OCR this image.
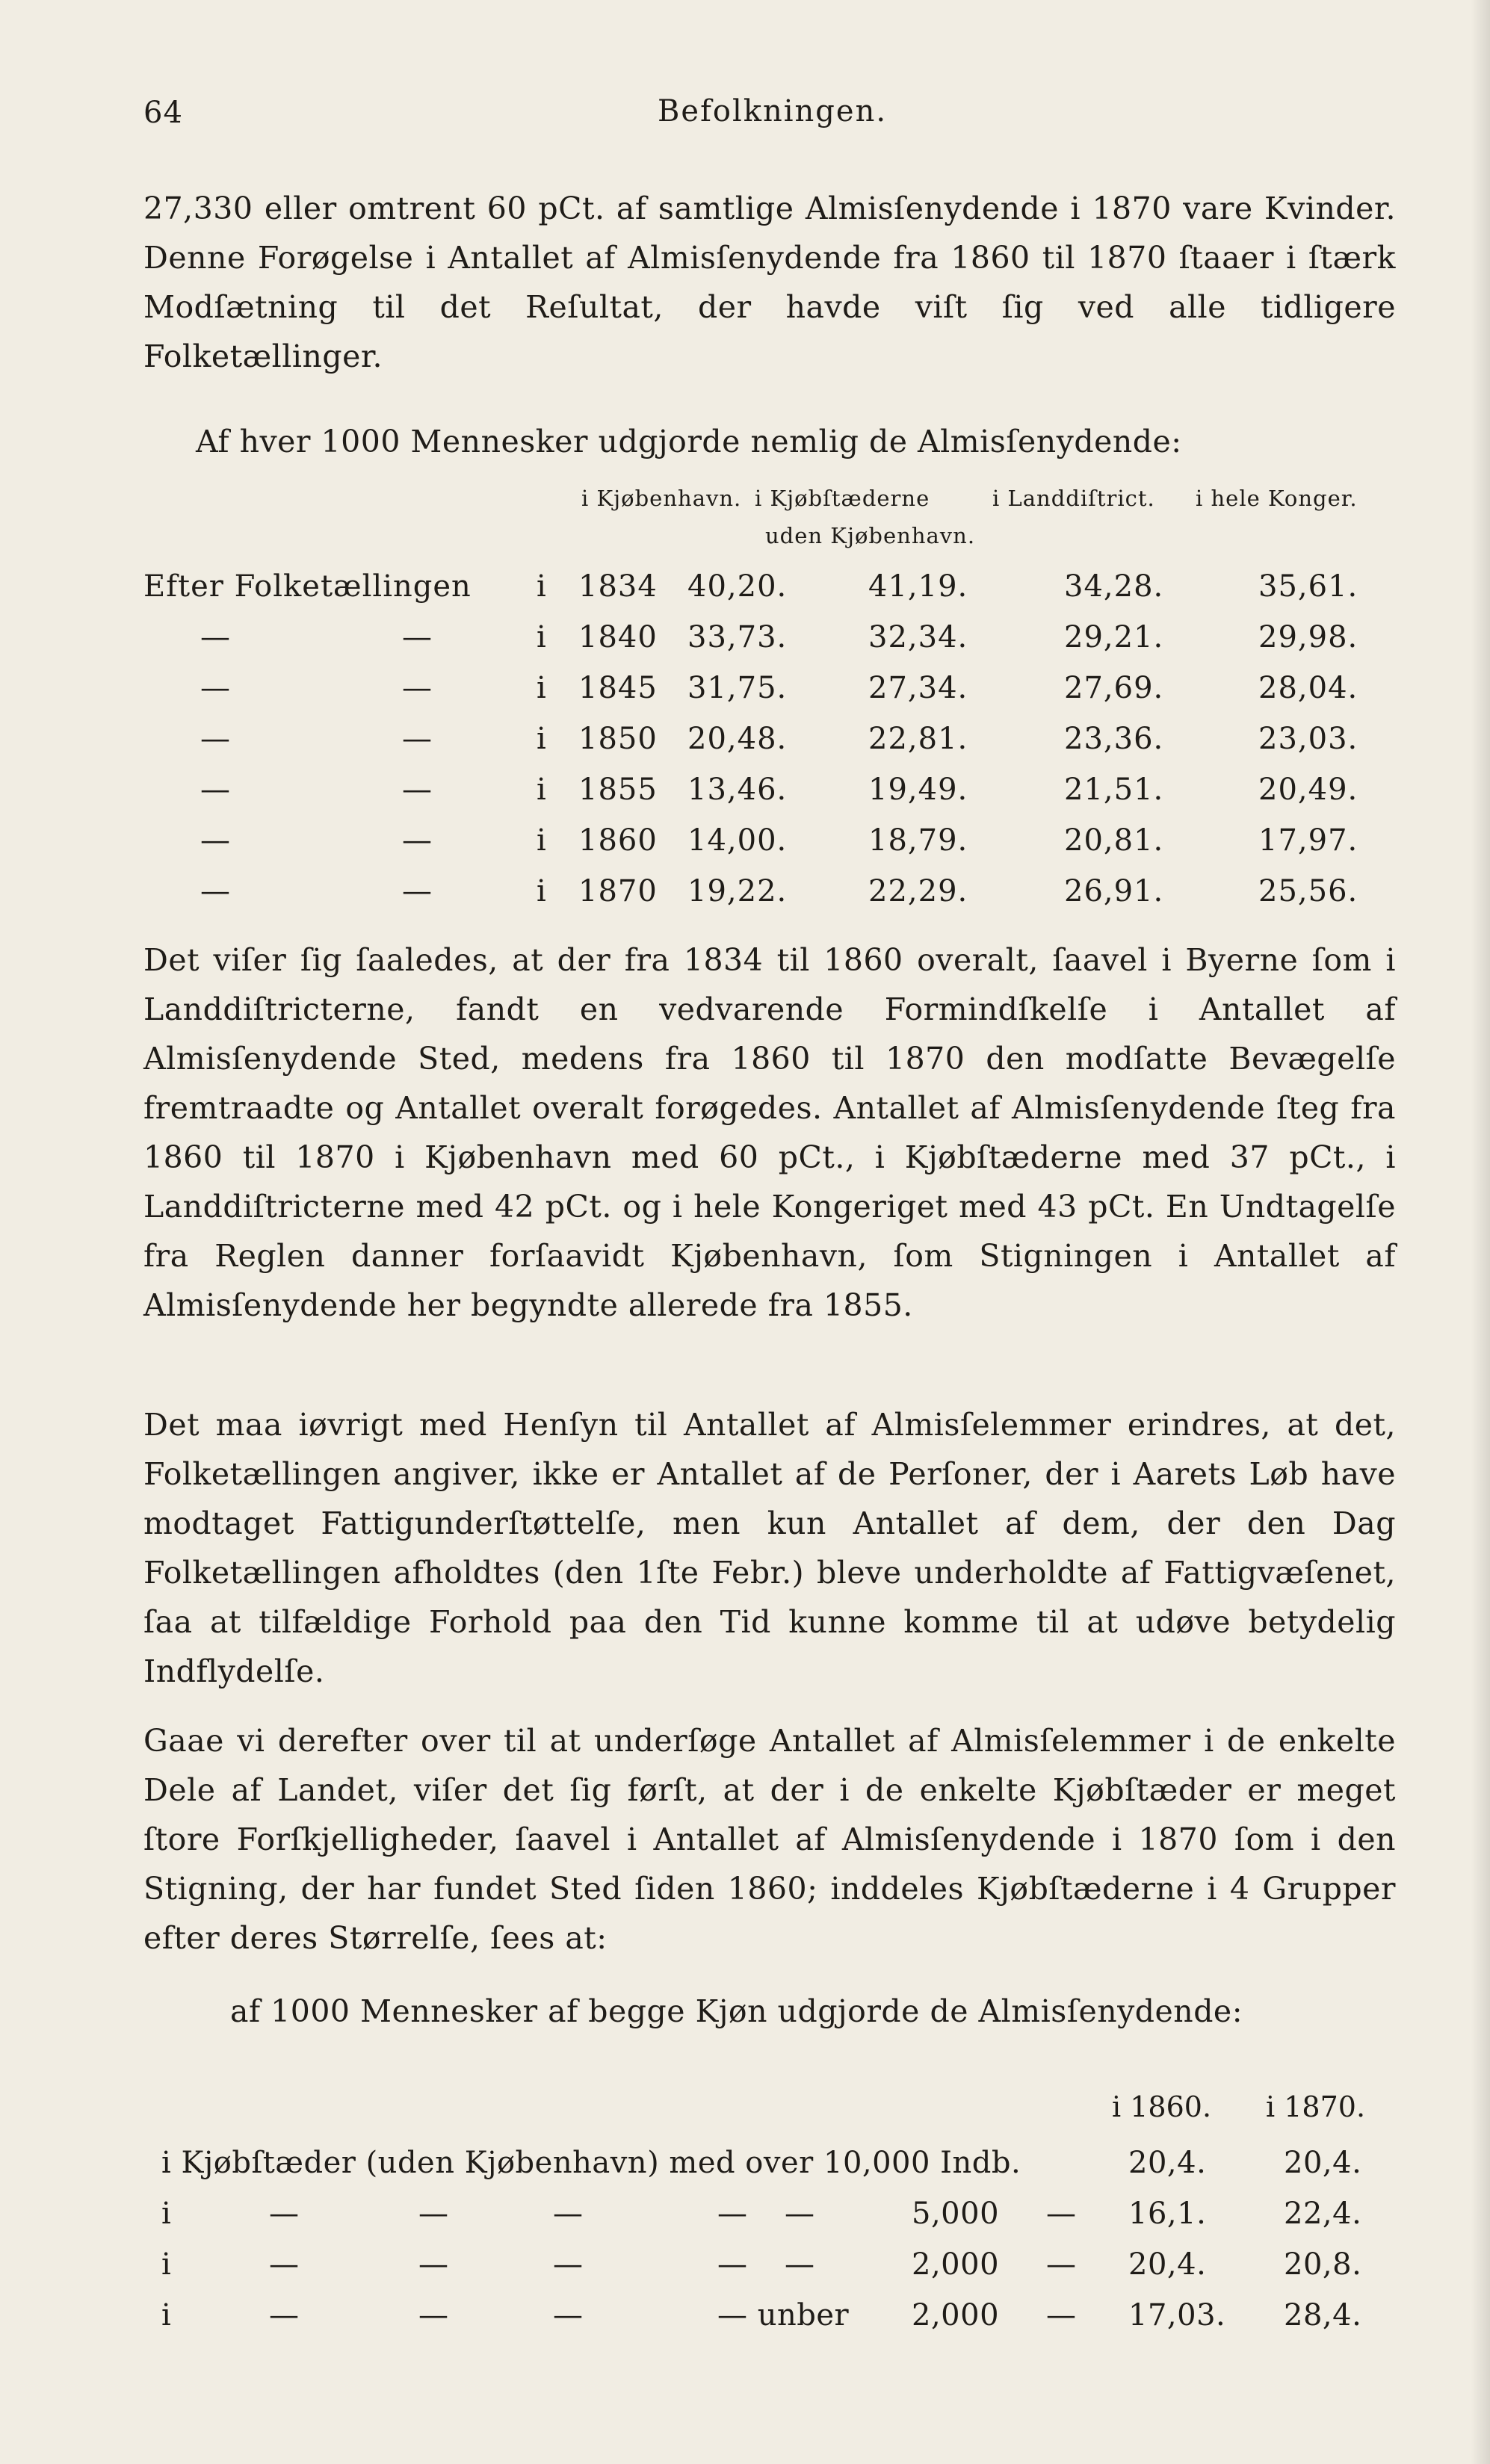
64	Befolkningen.

27,330 eller omtrent 60 pCt. af samtlige Almisſenydende i 1870 vare Kvinder. Denne Forøgelse i Antallet af Almisſenydende fra 1860 til 1870 ſtaaer i ſtærk Modſætning til det Reſultat, der havde viſt ſig ved alle tidligere Folketællinger.

Af hver 1000 Mennesker udgjorde nemlig de Almisſenydende:
i Kjøbenhavn. i Kjøbſtæderne
uden Kjøbenhavn.
i Landdiſtrict. i hele Konger.
Efter Folketællingen i 1834 40,20.	41,19.	34,28.	35,61.
—	—	i 1840 33,73.	32,34.	29,21.	29,98.
—	—	i 1845 31,75.	27,34.	27,69.	28,04.
—	—	i 1850 20,48.	22,81.	23,36.	23,03.
—	—	i 1855 13,46.	19,49.	21,51.	20,49.
—	—	i 1860 14,00.	18,79.	20,81.	17,97.
—	—	i 1870 19,22.	22,29.	26,91.	25,56.

Det viſer ſig ſaaledes, at der fra 1834 til 1860 overalt, ſaavel i Byerne ſom i Landdiſtricterne, fandt en vedvarende Formindſkelſe i Antallet af Almisſenydende Sted, medens fra 1860 til 1870 den modſatte Bevægelſe fremtraadte og Antallet overalt forøgedes. Antallet af Almisſenydende ſteg fra 1860 til 1870 i Kjøbenhavn med 60 pCt., i Kjøbſtæderne med 37 pCt., i Landdiſtricterne med 42 pCt. og i hele Kongeriget med 43 pCt. En Undtagelſe fra Reglen danner forſaavidt Kjøbenhavn, ſom Stigningen i Antallet af Almisſenydende her begyndte allerede fra 1855.

Det maa iøvrigt med Henſyn til Antallet af Almisſelemmer erindres, at det, Folketællingen angiver, ikke er Antallet af de Perſoner, der i Aarets Løb have modtaget Fattigunderſtøttelſe, men kun Antallet af dem, der den Dag Folketællingen afholdtes (den 1ſte Febr.) bleve underholdte af Fattigvæſenet, ſaa at tilfældige Forhold paa den Tid kunne komme til at udøve betydelig Indflydelſe.

Gaae vi derefter over til at underſøge Antallet af Almisſelemmer i de enkelte Dele af Landet, viſer det ſig førſt, at der i de enkelte Kjøbſtæder er meget ſtore Forſkjelligheder, ſaavel i Antallet af Almisſenydende i 1870 ſom i den Stigning, der har fundet Sted ſiden 1860; inddeles Kjøbſtæderne i 4 Grupper efter deres Størrelſe, ſees at:

af 1000 Mennesker af begge Kjøn udgjorde de Almisſenydende:
i 1860. i 1870.
i Kjøbſtæder (uden Kjøbenhavn) med over 10,000 Indb.	20,4.	20,4.
i	—	—	—	— —	5,000 — 16,1.	22,4.
i	—	—	—	— —	2,000 — 20,4.	20,8.
i	—	—	—	— unber 2,000 — 17,03. 28,4.
